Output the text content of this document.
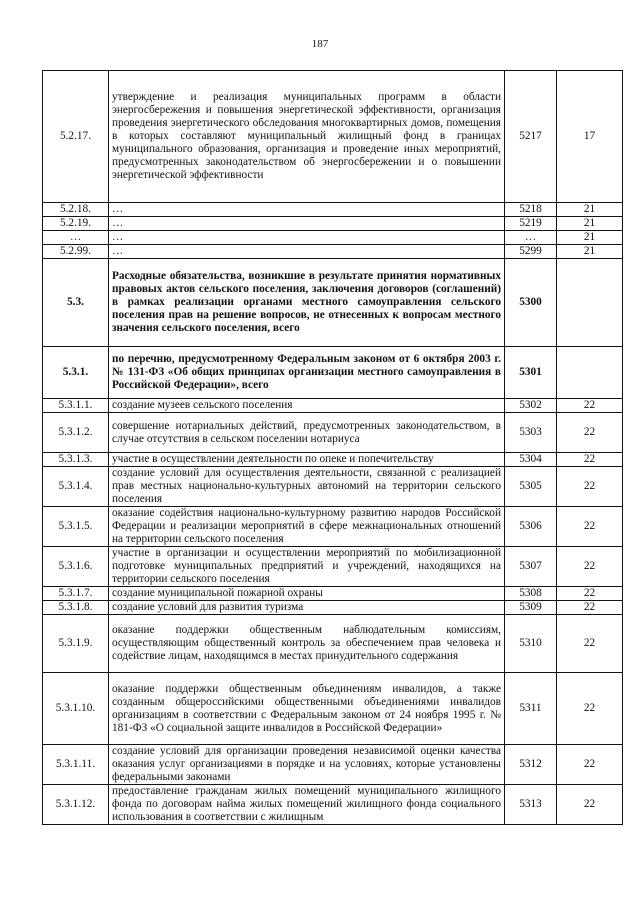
187
5.2.17.	утверждение и реализация муниципальных программ в области энергосбережения и повышения энергетической эффективности, организация проведения энергетического обследования многоквартирных домов, помещения в которых составляют муниципальный жилищный фонд в границах муниципального образования, организация и проведение иных мероприятий, предусмотренных законодательством об энергосбережении и о повышении энергетической эффективности	5217	17
5.2.18.	…	5218	21
5.2.19.	…	5219	21
…	…	…	21
5.2.99.	…	5299	21
5.3.	Расходные обязательства, возникшие в результате принятия нормативных правовых актов сельского поселения, заключения договоров (соглашений) в рамках реализации органами местного самоуправления сельского поселения прав на решение вопросов, не отнесенных к вопросам местного значения сельского поселения, всего	5300	
5.3.1.	по перечню, предусмотренному Федеральным законом от 6 октября 2003 г. № 131-ФЗ «Об общих принципах организации местного самоуправления в Российской Федерации», всего	5301	
5.3.1.1.	создание музеев сельского поселения	5302	22
5.3.1.2.	совершение нотариальных действий, предусмотренных законодательством, в случае отсутствия в сельском поселении нотариуса	5303	22
5.3.1.3.	участие в осуществлении деятельности по опеке и попечительству	5304	22
5.3.1.4.	создание условий для осуществления деятельности, связанной с реализацией прав местных национально-культурных автономий на территории сельского поселения	5305	22
5.3.1.5.	оказание содействия национально-культурному развитию народов Российской Федерации и реализации мероприятий в сфере межнациональных отношений на территории сельского поселения	5306	22
5.3.1.6.	участие в организации и осуществлении мероприятий по мобилизационной подготовке муниципальных предприятий и учреждений, находящихся на территории сельского поселения	5307	22
5.3.1.7.	создание муниципальной пожарной охраны	5308	22
5.3.1.8.	создание условий для развития туризма	5309	22
5.3.1.9.	оказание поддержки общественным наблюдательным комиссиям, осуществляющим общественный контроль за обеспечением прав человека и содействие лицам, находящимся в местах принудительного содержания	5310	22
5.3.1.10.	оказание поддержки общественным объединениям инвалидов, а также созданным общероссийскими общественными объединениями инвалидов организациям в соответствии с Федеральным законом от 24 ноября 1995 г. № 181-ФЗ «О социальной защите инвалидов в Российской Федерации»	5311	22
5.3.1.11.	создание условий для организации проведения независимой оценки качества оказания услуг организациями в порядке и на условиях, которые установлены федеральными законами	5312	22
5.3.1.12.	предоставление гражданам жилых помещений муниципального жилищного фонда по договорам найма жилых помещений жилищного фонда социального использования в соответствии с жилищным	5313	22
